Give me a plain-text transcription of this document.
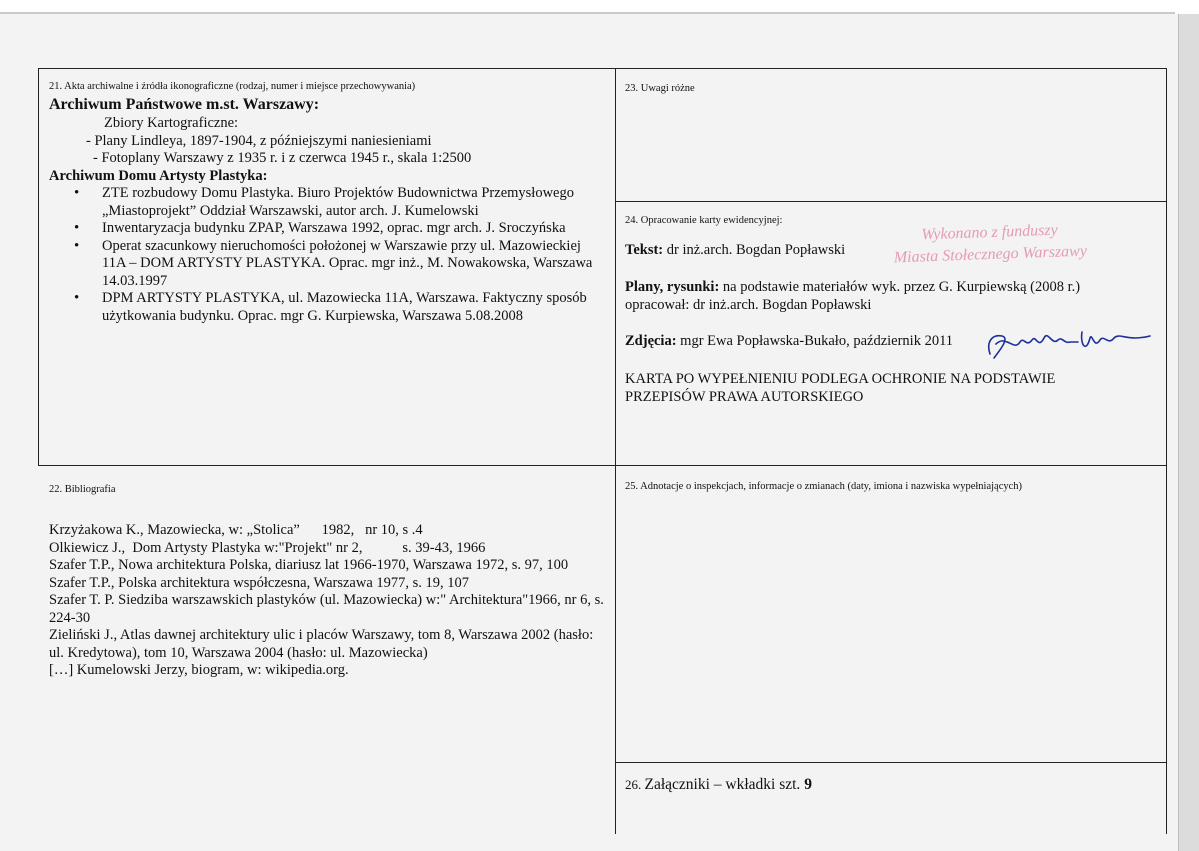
21. Akta archiwalne i źródła ikonograficzne (rodzaj, numer i miejsce przechowywania)

Archiwum Państwowe m.st. Warszawy:

Zbiory Kartograficzne:

- Plany Lindleya, 1897-1904, z późniejszymi naniesieniami

- Fotoplany Warszawy z 1935 r. i z czerwca 1945 r., skala 1:2500

Archiwum Domu Artysty Plastyka:

• ZTE rozbudowy Domu Plastyka. Biuro Projektów Budownictwa Przemysłowego „Miastoprojekt” Oddział Warszawski, autor arch. J. Kumelowski
• Inwentaryzacja budynku ZPAP, Warszawa 1992, oprac. mgr arch. J. Sroczyńska
• Operat szacunkowy nieruchomości położonej w Warszawie przy ul. Mazowieckiej 11A – DOM ARTYSTY PLASTYKA. Oprac. mgr inż., M. Nowakowska, Warszawa 14.03.1997
• DPM ARTYSTY PLASTYKA, ul. Mazowiecka 11A, Warszawa. Faktyczny sposób użytkowania budynku. Oprac. mgr G. Kurpiewska, Warszawa 5.08.2008
22. Bibliografia

Krzyżakowa K., Mazowiecka, w: „Stolica”      1982,   nr 10, s .4

Olkiewicz J.,  Dom Artysty Plastyka w:"Projekt" nr 2,           s. 39-43, 1966

Szafer T.P., Nowa architektura Polska, diariusz lat 1966-1970, Warszawa 1972, s. 97, 100

Szafer T.P., Polska architektura współczesna, Warszawa 1977, s. 19, 107

Szafer T. P. Siedziba warszawskich plastyków (ul. Mazowiecka) w:" Architektura"1966, nr 6, s. 224-30

Zieliński J., Atlas dawnej architektury ulic i placów Warszawy, tom 8, Warszawa 2002 (hasło: ul. Kredytowa), tom 10, Warszawa 2004 (hasło: ul. Mazowiecka)

[…] Kumelowski Jerzy, biogram, w: wikipedia.org.

23. Uwagi różne
24. Opracowanie karty ewidencyjnej:
Tekst: dr inż.arch. Bogdan Popławski
Wykonano z funduszy
Miasta Stołecznego Warszawy
Plany, rysunki: na podstawie materiałów wyk. przez G. Kurpiewską (2008 r.) opracował: dr inż.arch. Bogdan Popławski
Zdjęcia: mgr Ewa Popławska-Bukało, październik 2011
KARTA PO WYPEŁNIENIU PODLEGA OCHRONIE NA PODSTAWIE PRZEPISÓW PRAWA AUTORSKIEGO
25. Adnotacje o inspekcjach, informacje o zmianach (daty, imiona i nazwiska wypełniających)
26. Załączniki – wkładki szt. 9
